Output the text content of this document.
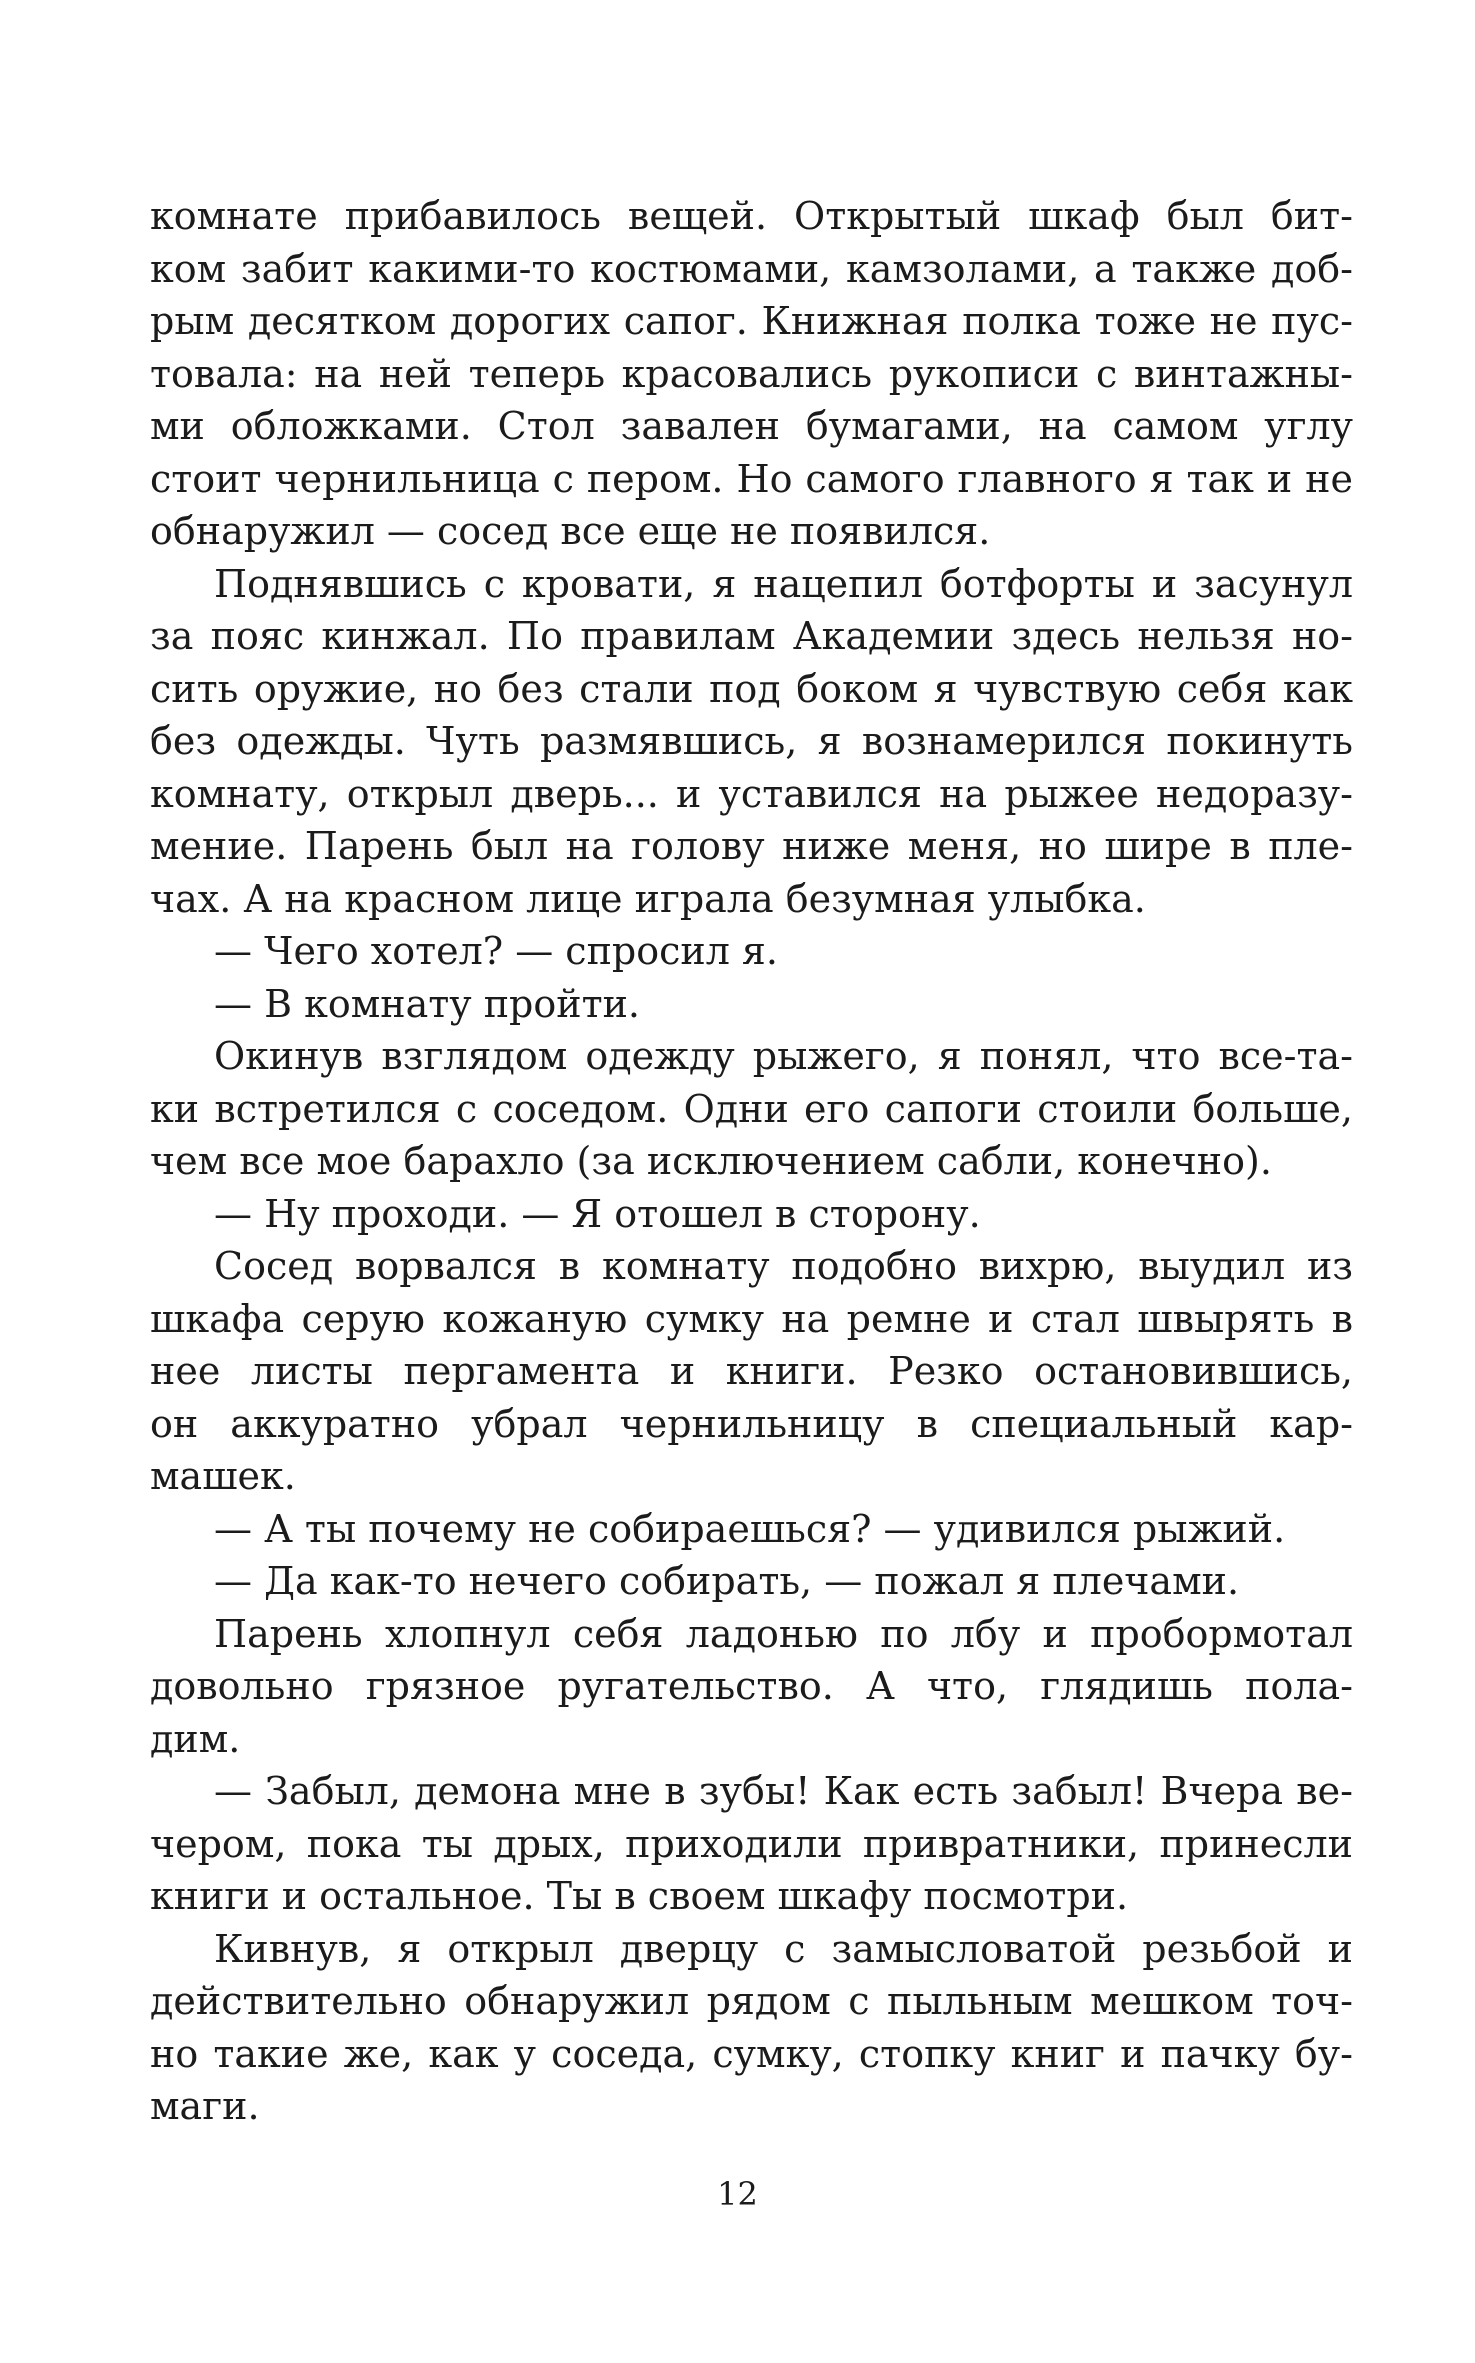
комнате прибавилось вещей. Открытый шкаф был бит-
ком забит какими-то костюмами, камзолами, а также доб-
рым десятком дорогих сапог. Книжная полка тоже не пус-
товала: на ней теперь красовались рукописи с винтажны-
ми обложками. Стол завален бумагами, на самом углу
стоит чернильница с пером. Но самого главного я так и не
обнаружил — сосед все еще не появился.
Поднявшись с кровати, я нацепил ботфорты и засунул
за пояс кинжал. По правилам Академии здесь нельзя но-
сить оружие, но без стали под боком я чувствую себя как
без одежды. Чуть размявшись, я вознамерился покинуть
комнату, открыл дверь... и уставился на рыжее недоразу-
мение. Парень был на голову ниже меня, но шире в пле-
чах. А на красном лице играла безумная улыбка.
— Чего хотел? — спросил я.
— В комнату пройти.
Окинув взглядом одежду рыжего, я понял, что все-та-
ки встретился с соседом. Одни его сапоги стоили больше,
чем все мое барахло (за исключением сабли, конечно).
— Ну проходи. — Я отошел в сторону.
Сосед ворвался в комнату подобно вихрю, выудил из
шкафа серую кожаную сумку на ремне и стал швырять в
нее листы пергамента и книги. Резко остановившись,
он аккуратно убрал чернильницу в специальный кар-
машек.
— А ты почему не собираешься? — удивился рыжий.
— Да как-то нечего собирать, — пожал я плечами.
Парень хлопнул себя ладонью по лбу и пробормотал
довольно грязное ругательство. А что, глядишь пола-
дим.
— Забыл, демона мне в зубы! Как есть забыл! Вчера ве-
чером, пока ты дрых, приходили привратники, принесли
книги и остальное. Ты в своем шкафу посмотри.
Кивнув, я открыл дверцу с замысловатой резьбой и
действительно обнаружил рядом с пыльным мешком точ-
но такие же, как у соседа, сумку, стопку книг и пачку бу-
маги.
12
